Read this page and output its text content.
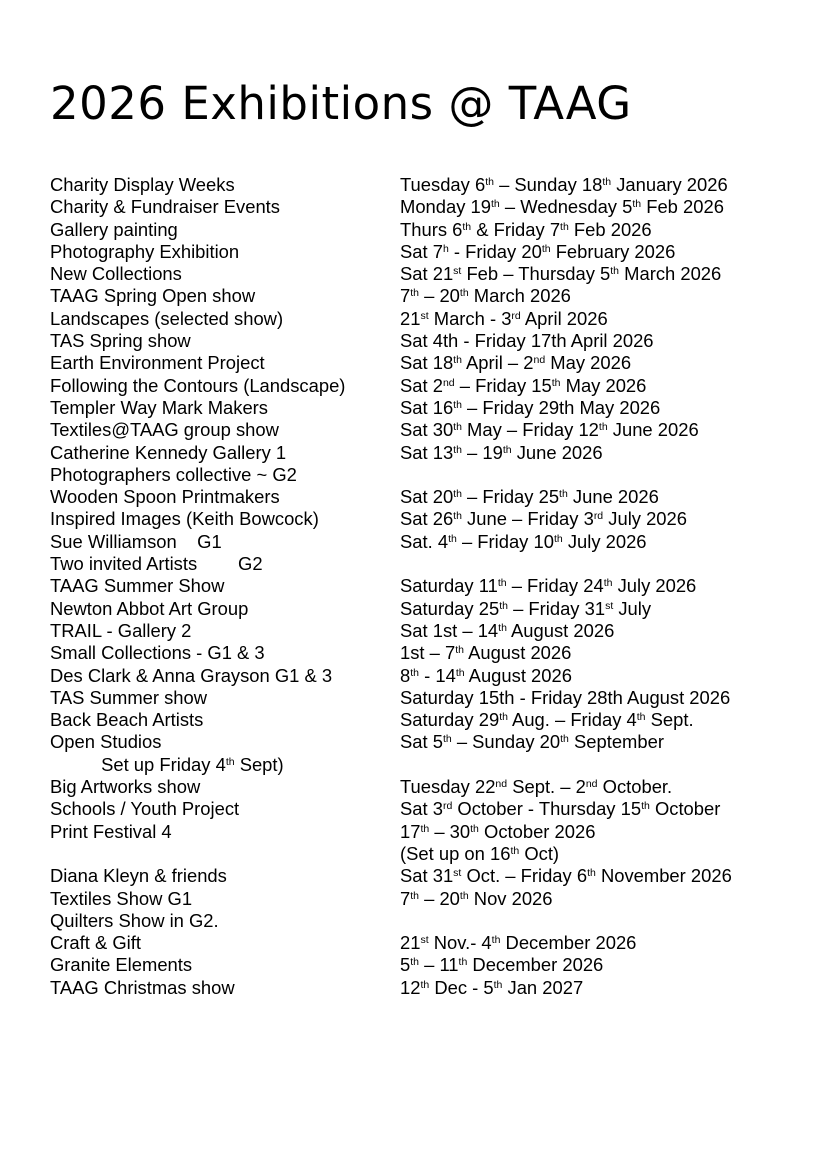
2026 Exhibitions @ TAAG
Charity Display Weeks	Tuesday 6th – Sunday 18th January 2026
Charity & Fundraiser Events	Monday 19th – Wednesday 5th Feb 2026
Gallery painting	Thurs 6th & Friday 7th Feb 2026
Photography Exhibition	Sat 7$^h$ - Friday 20th February 2026
New Collections	Sat 21st Feb – Thursday 5th March 2026
TAAG Spring Open show	7th – 20th March 2026
Landscapes (selected show)	21st March - 3rd April 2026
TAS Spring show	Sat 4th - Friday 17th April 2026
Earth Environment Project	Sat 18th April – 2nd May 2026
Following the Contours (Landscape)	Sat 2nd – Friday 15th May 2026
Templer Way Mark Makers	Sat 16th – Friday 29th May 2026
Textiles@TAAG group show	Sat 30th May – Friday 12th June 2026
Catherine Kennedy Gallery 1	Sat 13th – 19th June 2026
Photographers collective ~ G2
Wooden Spoon Printmakers	Sat 20th – Friday 25th June 2026
Inspired Images (Keith Bowcock)	Sat 26th June – Friday 3rd July 2026
Sue Williamson    G1	Sat. 4th – Friday 10th July 2026
Two invited Artists        G2
TAAG Summer Show	Saturday 11th – Friday 24th July 2026
Newton Abbot Art Group	Saturday 25th – Friday 31st July
TRAIL - Gallery 2	Sat 1st – 14th August 2026
Small Collections - G1 & 3	1st – 7th August 2026
Des Clark & Anna Grayson G1 & 3	8th - 14th August 2026
TAS Summer show	Saturday 15th - Friday 28th August 2026
Back Beach Artists	Saturday 29th Aug. – Friday 4th Sept.
Open Studios	Sat 5th – Sunday 20th September
Set up Friday 4th Sept)
Big Artworks show	Tuesday 22nd Sept. – 2nd October.
Schools / Youth Project	Sat 3rd October - Thursday 15th October
Print Festival 4	17th – 30th October 2026
(Set up on 16th Oct)
Diana Kleyn & friends	Sat 31st Oct. – Friday 6th November 2026
Textiles Show G1	7th – 20th Nov 2026
Quilters Show in G2.
Craft & Gift	21st Nov.- 4th December 2026
Granite Elements	5th – 11th December 2026
TAAG Christmas show	12th Dec - 5th Jan 2027
